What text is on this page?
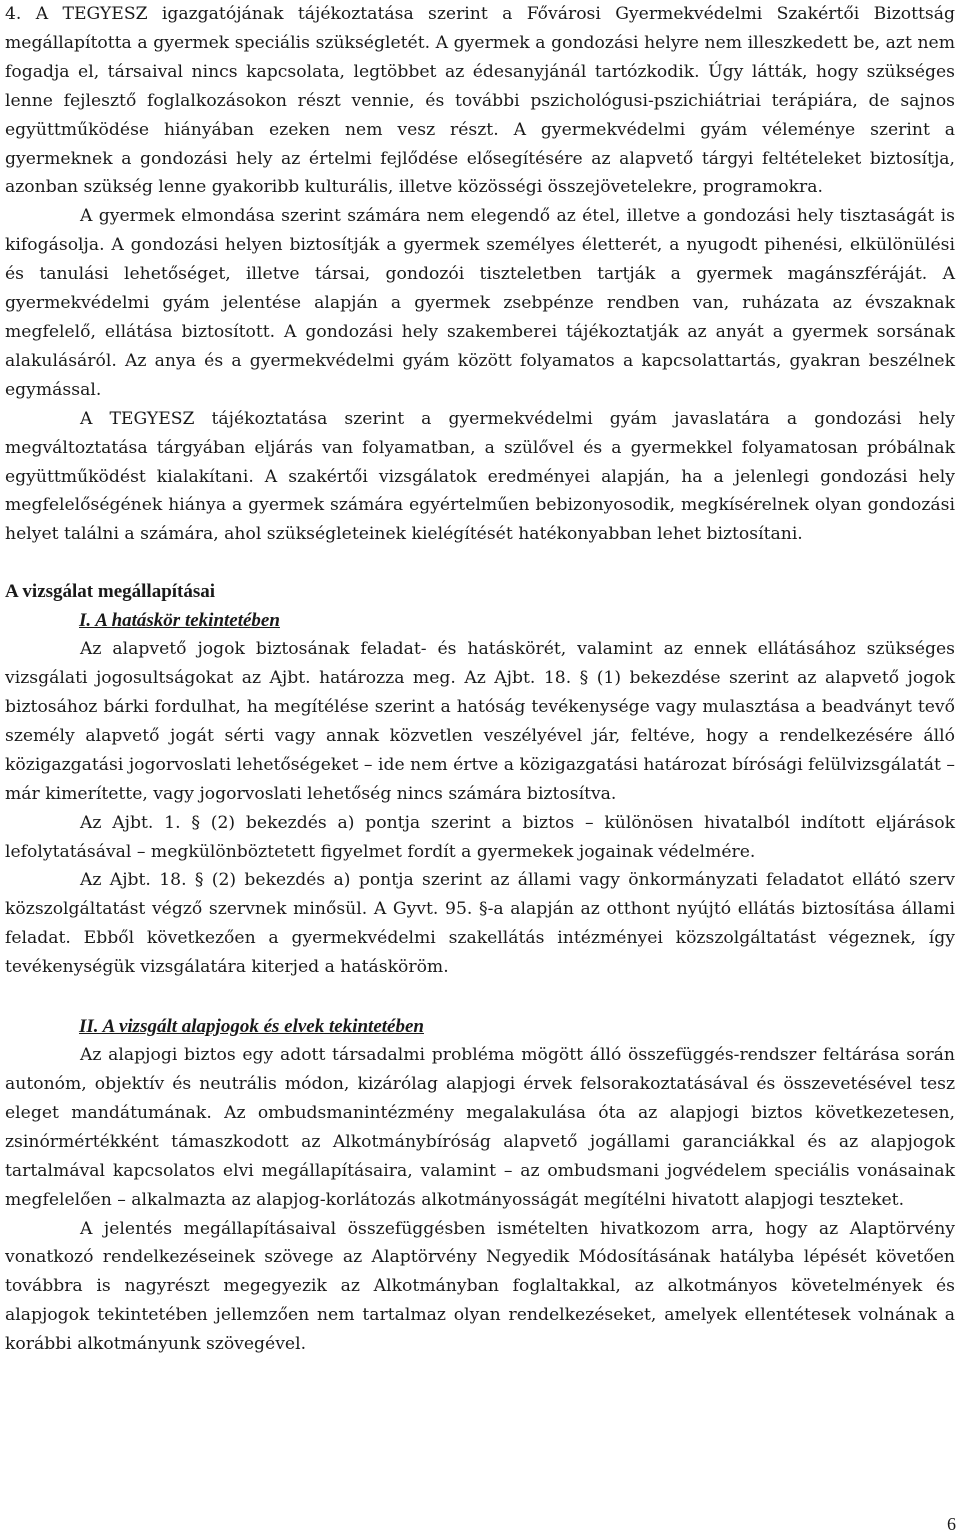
4. A TEGYESZ igazgatójának tájékoztatása szerint a Fővárosi Gyermekvédelmi Szakértői Bizottság megállapította a gyermek speciális szükségletét. A gyermek a gondozási helyre nem illeszkedett be, azt nem fogadja el, társaival nincs kapcsolata, legtöbbet az édesanyjánál tartózkodik. Úgy látták, hogy szükséges lenne fejlesztő foglalkozásokon részt vennie, és további pszichológusi-pszichiátriai terápiára, de sajnos együttműködése hiányában ezeken nem vesz részt. A gyermekvédelmi gyám véleménye szerint a gyermeknek a gondozási hely az értelmi fejlődése elősegítésére az alapvető tárgyi feltételeket biztosítja, azonban szükség lenne gyakoribb kulturális, illetve közösségi összejövetelekre, programokra.

A gyermek elmondása szerint számára nem elegendő az étel, illetve a gondozási hely tisztaságát is kifogásolja. A gondozási helyen biztosítják a gyermek személyes életterét, a nyugodt pihenési, elkülönülési és tanulási lehetőséget, illetve társai, gondozói tiszteletben tartják a gyermek magánszféráját. A gyermekvédelmi gyám jelentése alapján a gyermek zsebpénze rendben van, ruházata az évszaknak megfelelő, ellátása biztosított. A gondozási hely szakemberei tájékoztatják az anyát a gyermek sorsának alakulásáról. Az anya és a gyermekvédelmi gyám között folyamatos a kapcsolattartás, gyakran beszélnek egymással.

A TEGYESZ tájékoztatása szerint a gyermekvédelmi gyám javaslatára a gondozási hely megváltoztatása tárgyában eljárás van folyamatban, a szülővel és a gyermekkel folyamatosan próbálnak együttműködést kialakítani. A szakértői vizsgálatok eredményei alapján, ha a jelenlegi gondozási hely megfelelőségének hiánya a gyermek számára egyértelműen bebizonyosodik, megkísérelnek olyan gondozási helyet találni a számára, ahol szükségleteinek kielégítését hatékonyabban lehet biztosítani.

A vizsgálat megállapításai
I. A hatáskör tekintetében

Az alapvető jogok biztosának feladat- és hatáskörét, valamint az ennek ellátásához szükséges vizsgálati jogosultságokat az Ajbt. határozza meg. Az Ajbt. 18. § (1) bekezdése szerint az alapvető jogok biztosához bárki fordulhat, ha megítélése szerint a hatóság tevékenysége vagy mulasztása a beadványt tevő személy alapvető jogát sérti vagy annak közvetlen veszélyével jár, feltéve, hogy a rendelkezésére álló közigazgatási jogorvoslati lehetőségeket – ide nem értve a közigazgatási határozat bírósági felülvizsgálatát – már kimerítette, vagy jogorvoslati lehetőség nincs számára biztosítva.

Az Ajbt. 1. § (2) bekezdés a) pontja szerint a biztos – különösen hivatalból indított eljárások lefolytatásával – megkülönböztetett figyelmet fordít a gyermekek jogainak védelmére.

Az Ajbt. 18. § (2) bekezdés a) pontja szerint az állami vagy önkormányzati feladatot ellátó szerv közszolgáltatást végző szervnek minősül. A Gyvt. 95. §-a alapján az otthont nyújtó ellátás biztosítása állami feladat. Ebből következően a gyermekvédelmi szakellátás intézményei közszolgáltatást végeznek, így tevékenységük vizsgálatára kiterjed a hatásköröm.

II. A vizsgált alapjogok és elvek tekintetében

Az alapjogi biztos egy adott társadalmi probléma mögött álló összefüggés-rendszer feltárása során autonóm, objektív és neutrális módon, kizárólag alapjogi érvek felsorakoztatásával és összevetésével tesz eleget mandátumának. Az ombudsmanintézmény megalakulása óta az alapjogi biztos következetesen, zsinórmértékként támaszkodott az Alkotmánybíróság alapvető jogállami garanciákkal és az alapjogok tartalmával kapcsolatos elvi megállapításaira, valamint – az ombudsmani jogvédelem speciális vonásainak megfelelően – alkalmazta az alapjog-korlátozás alkotmányosságát megítélni hivatott alapjogi teszteket.

A jelentés megállapításaival összefüggésben ismételten hivatkozom arra, hogy az Alaptörvény vonatkozó rendelkezéseinek szövege az Alaptörvény Negyedik Módosításának hatályba lépését követően továbbra is nagyrészt megegyezik az Alkotmányban foglaltakkal, az alkotmányos követelmények és alapjogok tekintetében jellemzően nem tartalmaz olyan rendelkezéseket, amelyek ellentétesek volnának a korábbi alkotmányunk szövegével.

6
